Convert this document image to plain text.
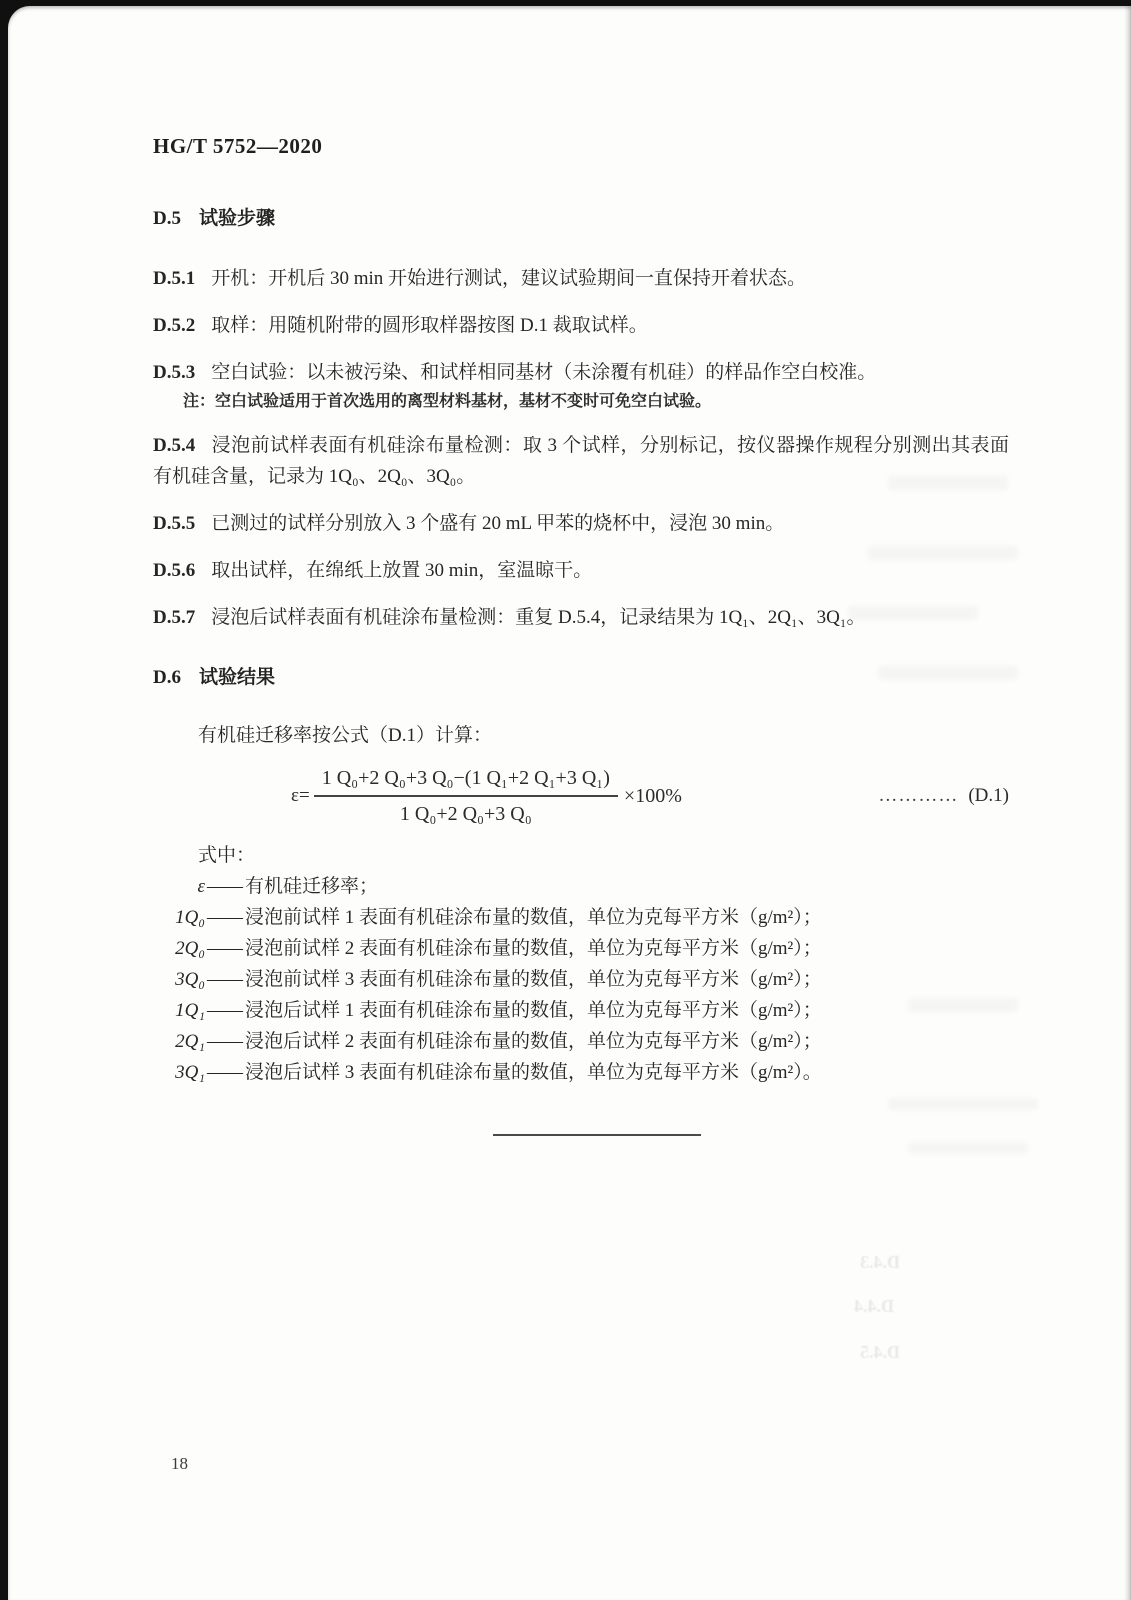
HG/T 5752—2020
D.5 试验步骤

D.5.1 开机：开机后 30 min 开始进行测试，建议试验期间一直保持开着状态。

D.5.2 取样：用随机附带的圆形取样器按图 D.1 裁取试样。

D.5.3 空白试验：以未被污染、和试样相同基材（未涂覆有机硅）的样品作空白校准。

注：空白试验适用于首次选用的离型材料基材，基材不变时可免空白试验。

D.5.4 浸泡前试样表面有机硅涂布量检测：取 3 个试样，分别标记，按仪器操作规程分别测出其表面有机硅含量，记录为 1Q₀、2Q₀、3Q₀。

D.5.5 已测过的试样分别放入 3 个盛有 20 mL 甲苯的烧杯中，浸泡 30 min。

D.5.6 取出试样，在绵纸上放置 30 min，室温晾干。

D.5.7 浸泡后试样表面有机硅涂布量检测：重复 D.5.4，记录结果为 1Q₁、2Q₁、3Q₁。

D.6 试验结果

有机硅迁移率按公式（D.1）计算：

$\varepsilon= \frac{\text{1 Q₀+2 Q₀+3 Q₀−(1 Q₁+2 Q₁+3 Q₁)}}{\text{1 Q₀+2 Q₀+3 Q₀}} \times 100\%$	………… (D.1)

式中：

ε —— 有机硅迁移率；
1Q₀ —— 浸泡前试样 1 表面有机硅涂布量的数值，单位为克每平方米（g/m²）；
2Q₀ —— 浸泡前试样 2 表面有机硅涂布量的数值，单位为克每平方米（g/m²）；
3Q₀ —— 浸泡前试样 3 表面有机硅涂布量的数值，单位为克每平方米（g/m²）；
1Q₁ —— 浸泡后试样 1 表面有机硅涂布量的数值，单位为克每平方米（g/m²）；
2Q₁ —— 浸泡后试样 2 表面有机硅涂布量的数值，单位为克每平方米（g/m²）；
3Q₁ —— 浸泡后试样 3 表面有机硅涂布量的数值，单位为克每平方米（g/m²）。
18
D.4.3
D.4.4
D.4.5
